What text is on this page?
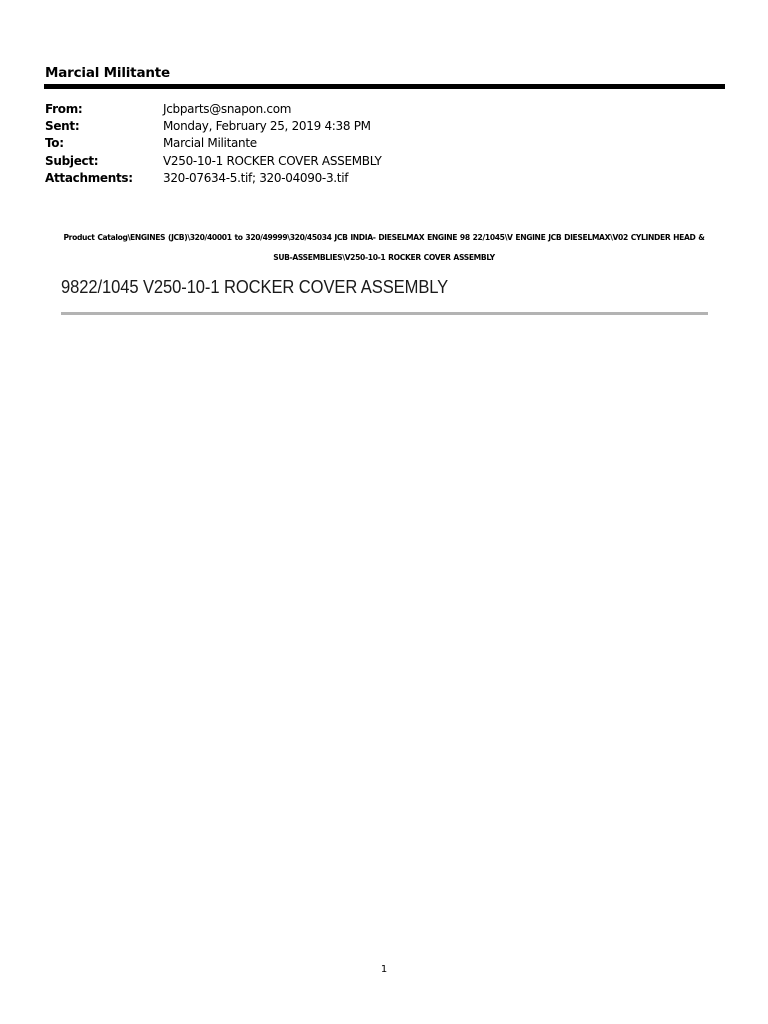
Marcial Militante
From:	Jcbparts@snapon.com
Sent:	Monday, February 25, 2019 4:38 PM
To:	Marcial Militante
Subject:	V250-10-1 ROCKER COVER ASSEMBLY
Attachments:	320-07634-5.tif; 320-04090-3.tif
Product Catalog\ENGINES (JCB)\320/40001 to 320/49999\320/45034 JCB INDIA- DIESELMAX ENGINE 98 22/1045\V ENGINE JCB DIESELMAX\V02 CYLINDER HEAD &
SUB-ASSEMBLIES\V250-10-1 ROCKER COVER ASSEMBLY
9822/1045 V250-10-1 ROCKER COVER ASSEMBLY
1
